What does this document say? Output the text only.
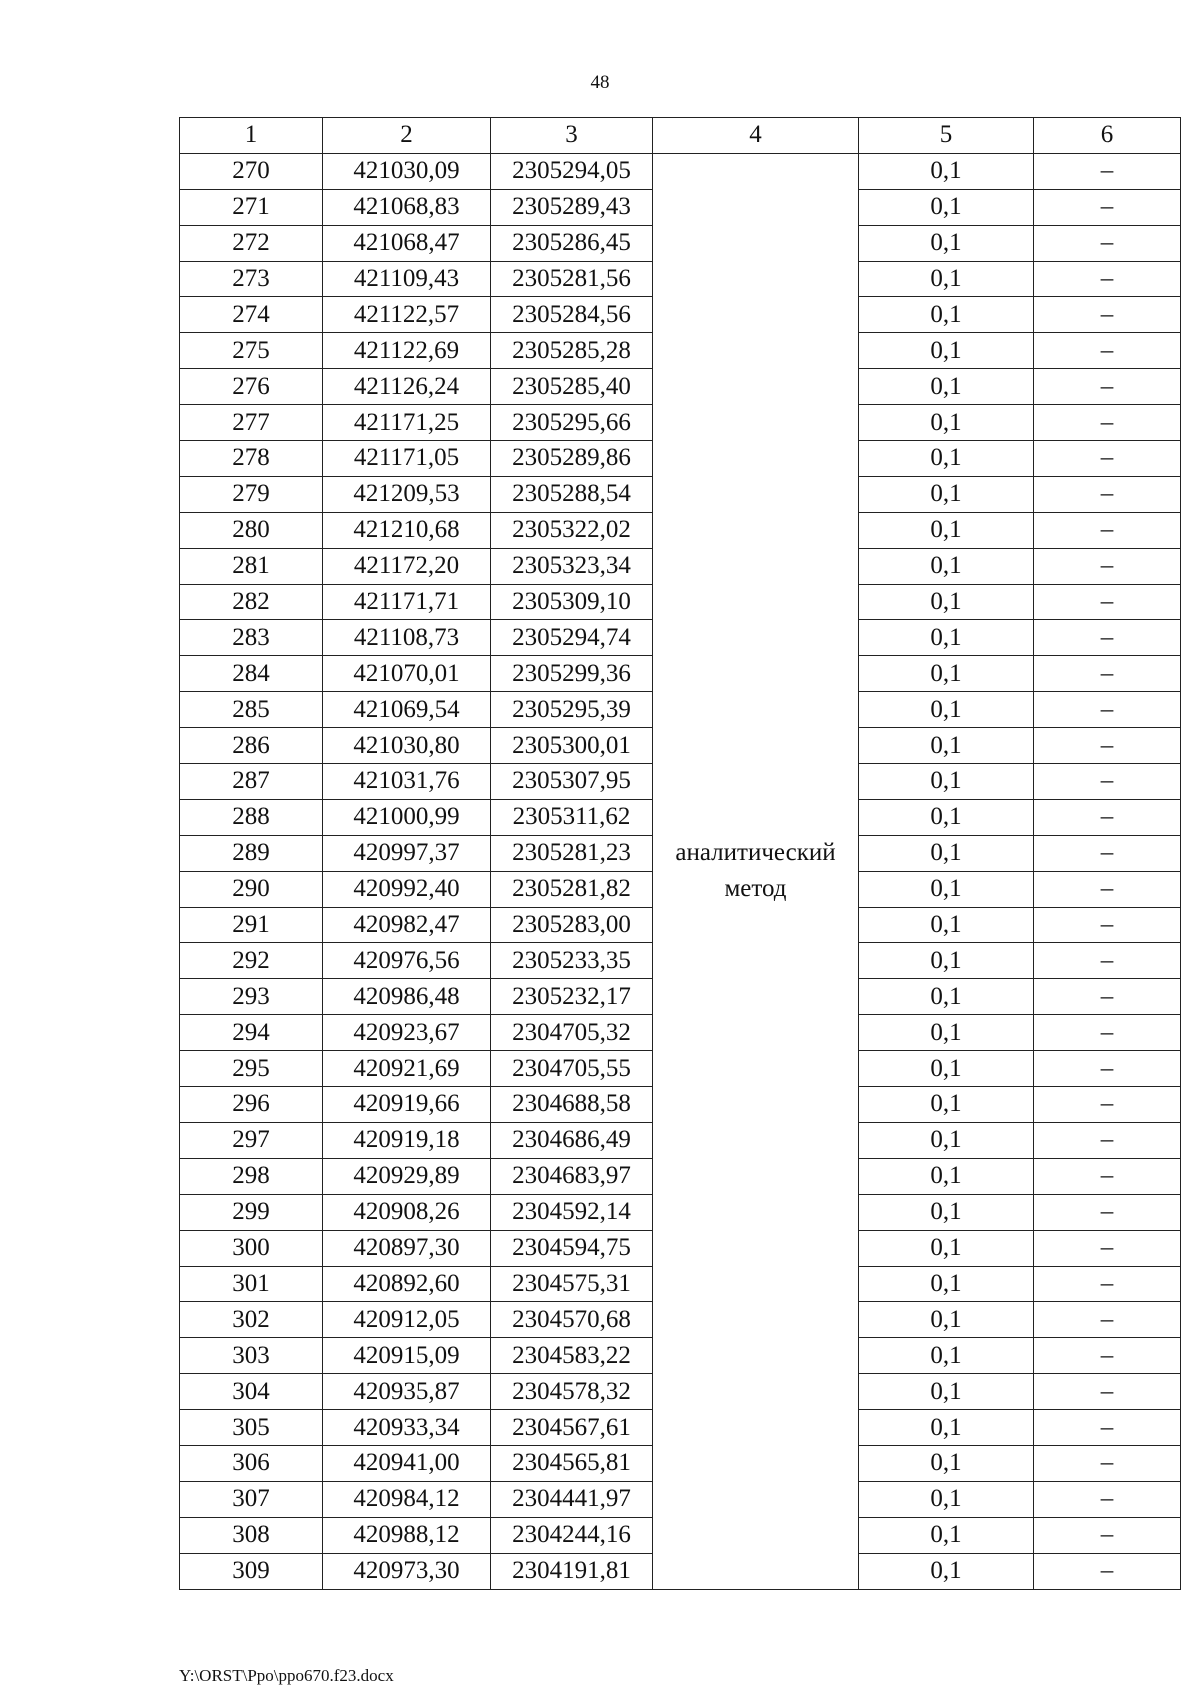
48
1	2	3	4	5	6
270	421030,09	2305294,05	аналитический метод	0,1	–
271	421068,83	2305289,43		0,1	–
272	421068,47	2305286,45		0,1	–
273	421109,43	2305281,56		0,1	–
274	421122,57	2305284,56		0,1	–
275	421122,69	2305285,28		0,1	–
276	421126,24	2305285,40		0,1	–
277	421171,25	2305295,66		0,1	–
278	421171,05	2305289,86		0,1	–
279	421209,53	2305288,54		0,1	–
280	421210,68	2305322,02		0,1	–
281	421172,20	2305323,34		0,1	–
282	421171,71	2305309,10		0,1	–
283	421108,73	2305294,74		0,1	–
284	421070,01	2305299,36		0,1	–
285	421069,54	2305295,39		0,1	–
286	421030,80	2305300,01		0,1	–
287	421031,76	2305307,95		0,1	–
288	421000,99	2305311,62		0,1	–
289	420997,37	2305281,23		0,1	–
290	420992,40	2305281,82		0,1	–
291	420982,47	2305283,00		0,1	–
292	420976,56	2305233,35		0,1	–
293	420986,48	2305232,17		0,1	–
294	420923,67	2304705,32		0,1	–
295	420921,69	2304705,55		0,1	–
296	420919,66	2304688,58		0,1	–
297	420919,18	2304686,49		0,1	–
298	420929,89	2304683,97		0,1	–
299	420908,26	2304592,14		0,1	–
300	420897,30	2304594,75		0,1	–
301	420892,60	2304575,31		0,1	–
302	420912,05	2304570,68		0,1	–
303	420915,09	2304583,22		0,1	–
304	420935,87	2304578,32		0,1	–
305	420933,34	2304567,61		0,1	–
306	420941,00	2304565,81		0,1	–
307	420984,12	2304441,97		0,1	–
308	420988,12	2304244,16		0,1	–
309	420973,30	2304191,81		0,1	–
Y:\ORST\Ppo\ppo670.f23.docx
